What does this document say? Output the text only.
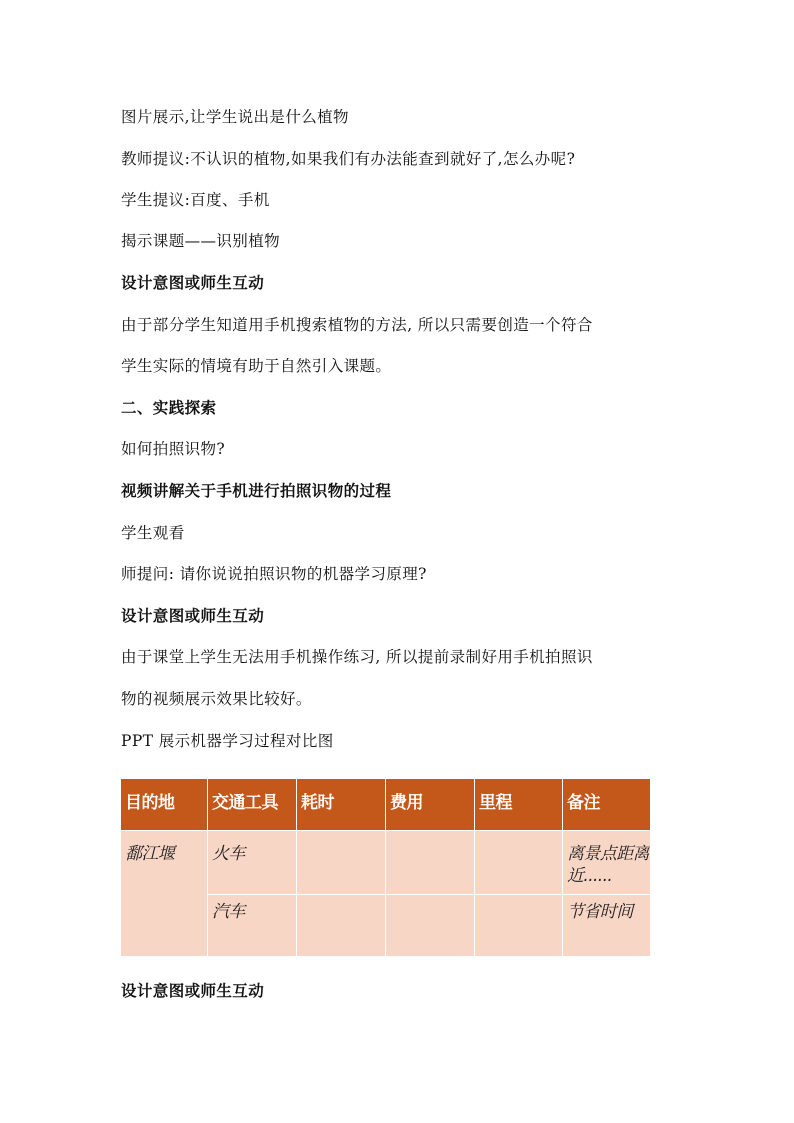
图片展示,让学生说出是什么植物
教师提议:不认识的植物,如果我们有办法能查到就好了,怎么办呢?
学生提议:百度、手机
揭示课题——识别植物
设计意图或师生互动
由于部分学生知道用手机搜索植物的方法, 所以只需要创造一个符合
学生实际的情境有助于自然引入课题。
二、实践探索
如何拍照识物?
视频讲解关于手机进行拍照识物的过程
学生观看
师提问: 请你说说拍照识物的机器学习原理?
设计意图或师生互动
由于课堂上学生无法用手机操作练习, 所以提前录制好用手机拍照识
物的视频展示效果比较好。
PPT 展示机器学习过程对比图
目的地	交通工具	耗时	费用	里程	备注
鄱江堰	火车				离景点距离近......
	汽车				节省时间
设计意图或师生互动
